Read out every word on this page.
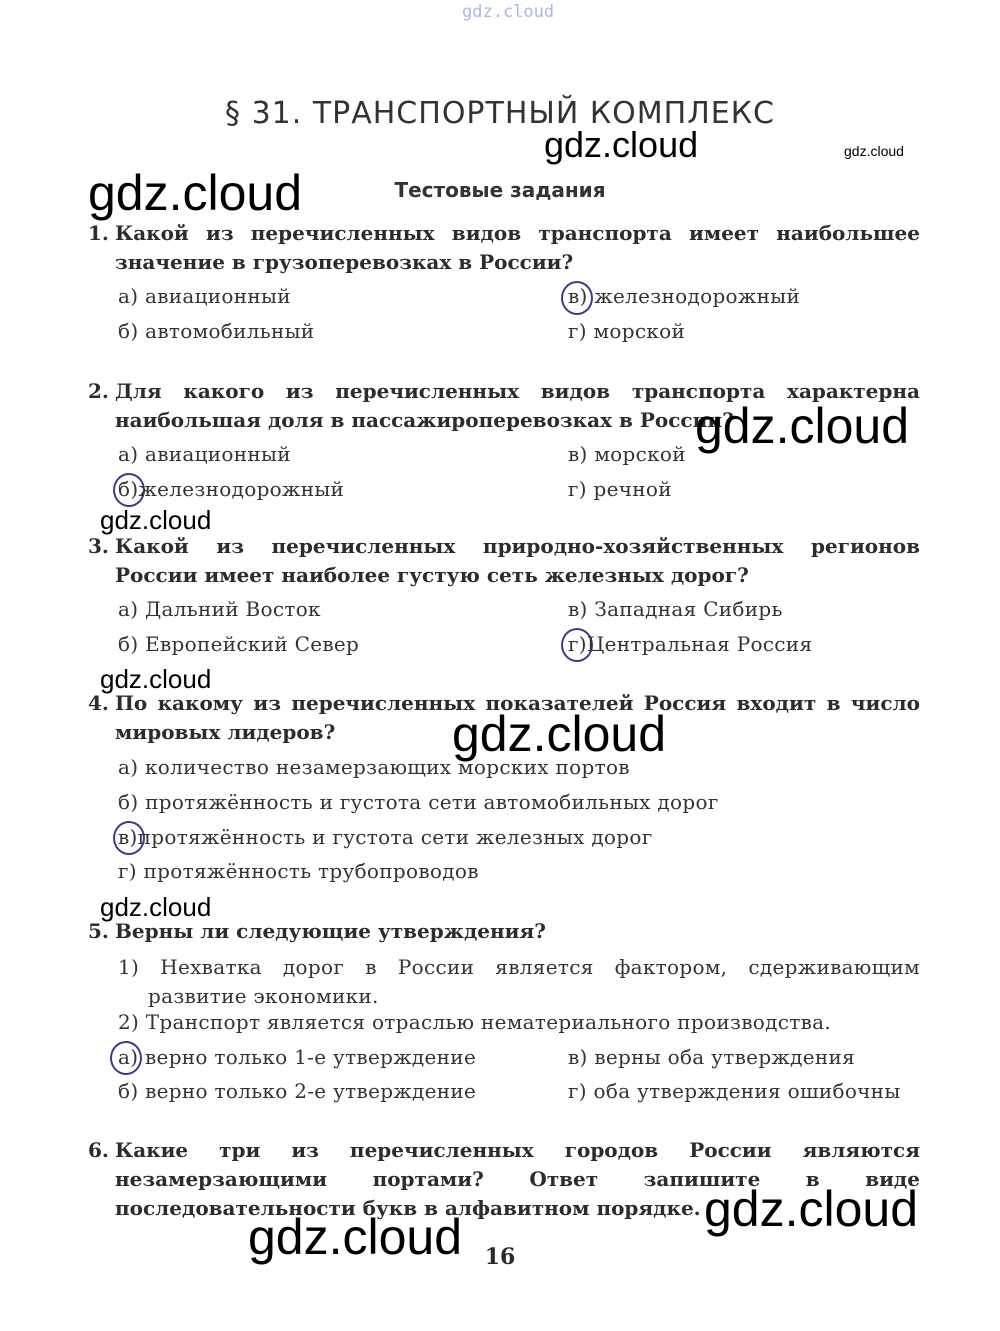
gdz.cloud
§ 31. ТРАНСПОРТНЫЙ КОМПЛЕКС
gdz.cloud	gdz.cloud
gdz.cloud	Тестовые задания
1. Какой из перечисленных видов транспорта имеет наибольшее значение в грузоперевозках в России?
а) авиационный
б) автомобильный
в) железнодорожный
г) морской
2. Для какого из перечисленных видов транспорта характерна наибольшая доля в пассажироперевозках в России?
gdz.cloud
а) авиационный
б)железнодорожный
в) морской
г) речной
gdz.cloud
3. Какой из перечисленных природно-хозяйственных регионов России имеет наиболее густую сеть железных дорог?
а) Дальний Восток
б) Европейский Север
в) Западная Сибирь
г)Центральная Россия
gdz.cloud
4. По какому из перечисленных показателей Россия входит в число мировых лидеров?	gdz.cloud
а) количество незамерзающих морских портов
б) протяжённость и густота сети автомобильных дорог
в)протяжённость и густота сети железных дорог
г) протяжённость трубопроводов
gdz.cloud
5. Верны ли следующие утверждения?
1) Нехватка дорог в России является фактором, сдерживающим развитие экономики.
2) Транспорт является отраслью нематериального производства.
а) верно только 1-е утверждение
б) верно только 2-е утверждение
в) верны оба утверждения
г) оба утверждения ошибочны
6. Какие три из перечисленных городов России являются незамерзающими портами? Ответ запишите в виде последовательности букв в алфавитном порядке. gdz.cloud
gdz.cloud	16
